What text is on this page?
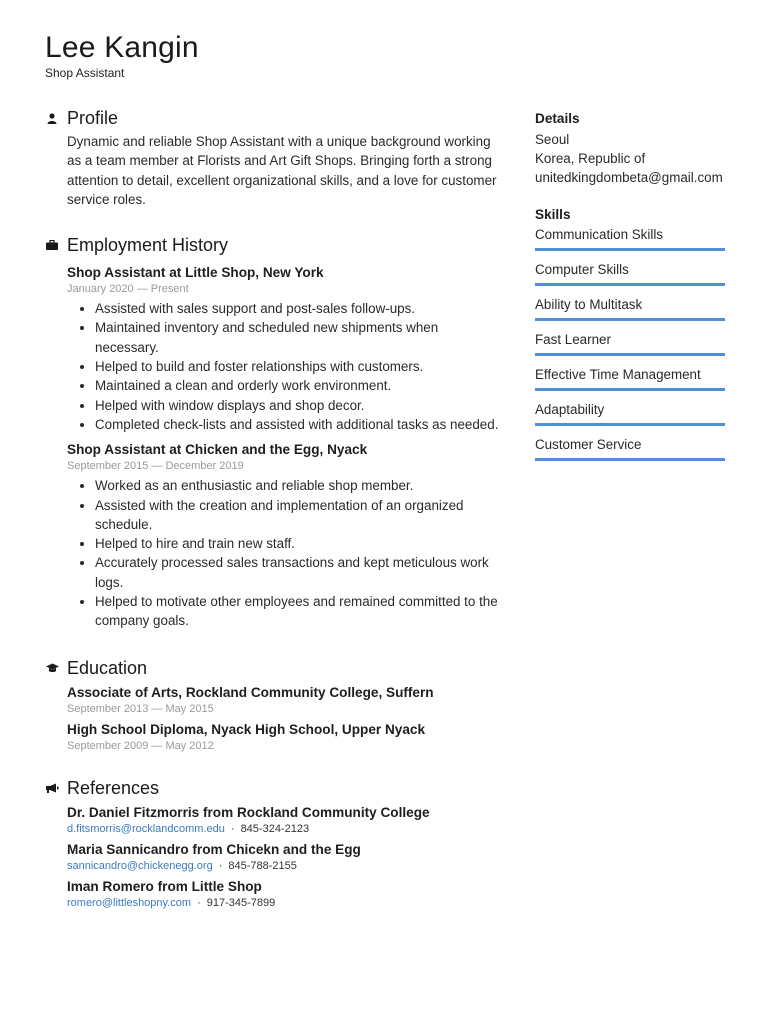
Lee Kangin
Shop Assistant
Profile

Dynamic and reliable Shop Assistant with a unique background working as a team member at Florists and Art Gift Shops. Bringing forth a strong attention to detail, excellent organizational skills, and a love for customer service roles.

Employment History
Shop Assistant at Little Shop, New York
January 2020 — Present
• Assisted with sales support and post-sales follow-ups.
• Maintained inventory and scheduled new shipments when necessary.
• Helped to build and foster relationships with customers.
• Maintained a clean and orderly work environment.
• Helped with window displays and shop decor.
• Completed check-lists and assisted with additional tasks as needed.
Shop Assistant at Chicken and the Egg, Nyack
September 2015 — December 2019
• Worked as an enthusiastic and reliable shop member.
• Assisted with the creation and implementation of an organized schedule.
• Helped to hire and train new staff.
• Accurately processed sales transactions and kept meticulous work logs.
• Helped to motivate other employees and remained committed to the company goals.
Education
Associate of Arts, Rockland Community College, Suffern
September 2013 — May 2015
High School Diploma, Nyack High School, Upper Nyack
September 2009 — May 2012
References
Dr. Daniel Fitzmorris from Rockland Community College
d.fitsmorris@rocklandcomm.edu · 845-324-2123
Maria Sannicandro from Chicekn and the Egg
sannicandro@chickenegg.org · 845-788-2155
Iman Romero from Little Shop
romero@littleshopny.com · 917-345-7899
Details
Seoul
Korea, Republic of
unitedkingdombeta@gmail.com
Skills
Communication Skills
Computer Skills
Ability to Multitask
Fast Learner
Effective Time Management
Adaptability
Customer Service
